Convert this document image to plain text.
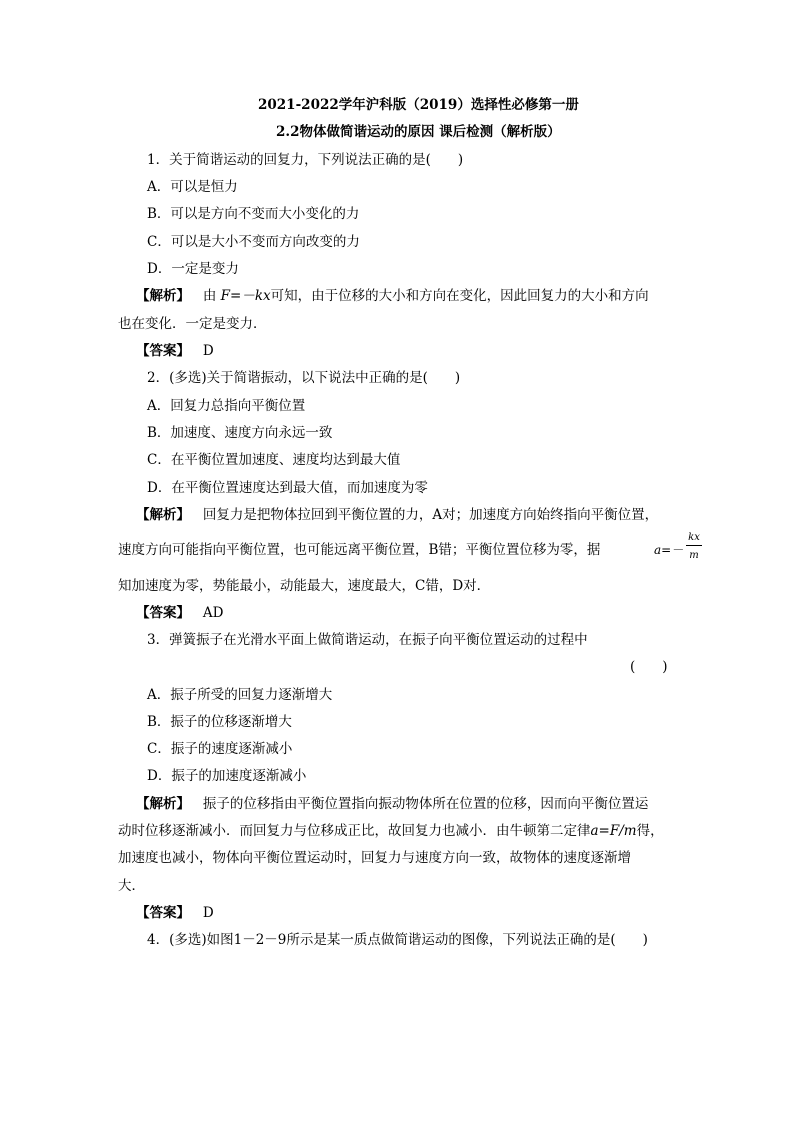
2021-2022学年沪科版（2019）选择性必修第一册
2.2物体做简谐运动的原因 课后检测（解析版）
1．关于简谐运动的回复力，下列说法正确的是(　　)
A．可以是恒力
B．可以是方向不变而大小变化的力
C．可以是大小不变而方向改变的力
D．一定是变力
【解析】 由 F=－kx可知，由于位移的大小和方向在变化，因此回复力的大小和方向
也在变化．一定是变力．
【答案】 D
2．(多选)关于简谐振动，以下说法中正确的是(　　)
A．回复力总指向平衡位置
B．加速度、速度方向永远一致
C．在平衡位置加速度、速度均达到最大值
D．在平衡位置速度达到最大值，而加速度为零
【解析】 回复力是把物体拉回到平衡位置的力，A对；加速度方向始终指向平衡位置，
速度方向可能指向平衡位置，也可能远离平衡位置，B错；平衡位置位移为零，据	a=－
kx
m
知加速度为零，势能最小，动能最大，速度最大，C错，D对．
【答案】 AD
3．弹簧振子在光滑水平面上做简谐运动，在振子向平衡位置运动的过程中
(　　)
A．振子所受的回复力逐渐增大
B．振子的位移逐渐增大
C．振子的速度逐渐减小
D．振子的加速度逐渐减小
【解析】 振子的位移指由平衡位置指向振动物体所在位置的位移，因而向平衡位置运
动时位移逐渐减小．而回复力与位移成正比，故回复力也减小．由牛顿第二定律a=F/m得，
加速度也减小，物体向平衡位置运动时，回复力与速度方向一致，故物体的速度逐渐增
大．
【答案】 D
4．(多选)如图1－2－9所示是某一质点做简谐运动的图像，下列说法正确的是(　　)
